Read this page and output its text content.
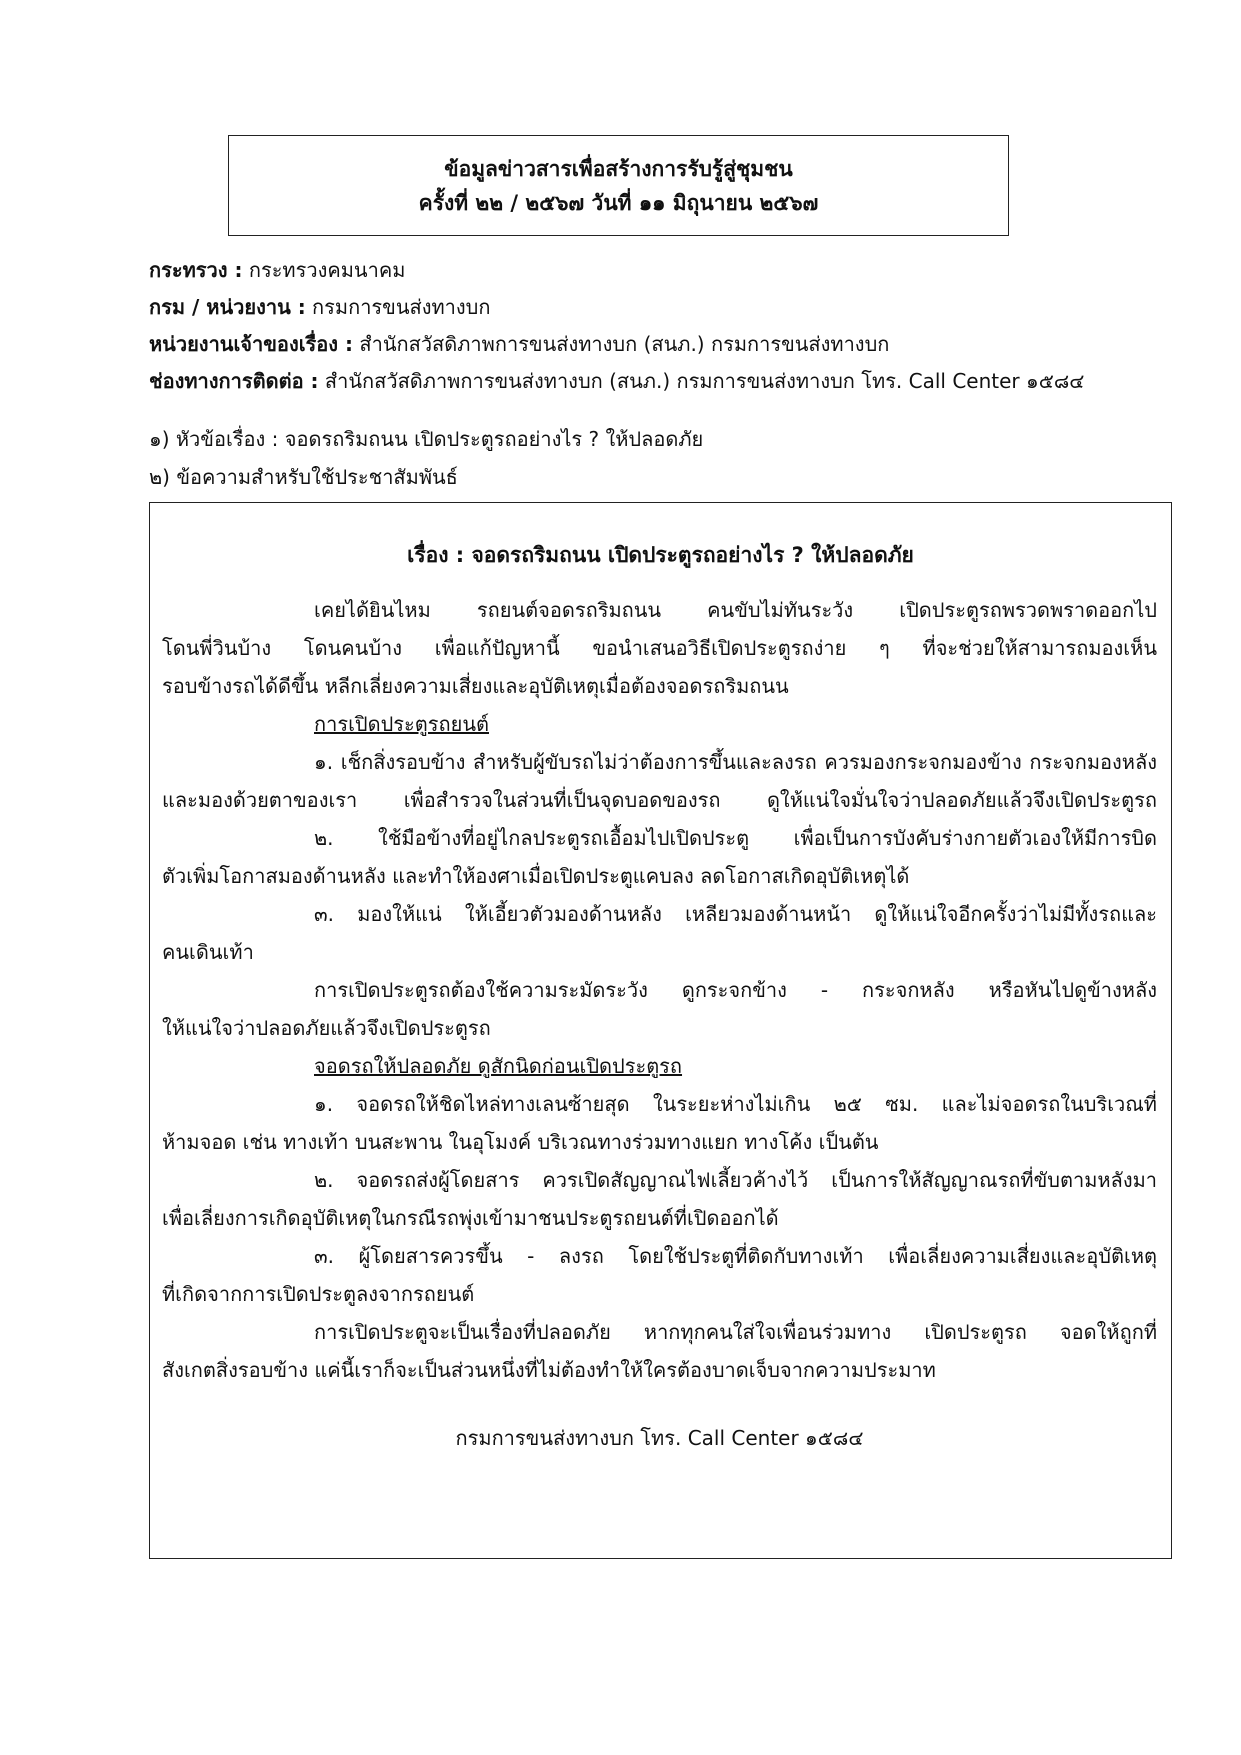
ข้อมูลข่าวสารเพื่อสร้างการรับรู้สู่ชุมชน
ครั้งที่ ๒๒ / ๒๕๖๗ วันที่ ๑๑ มิถุนายน ๒๕๖๗
กระทรวง : กระทรวงคมนาคม
กรม / หน่วยงาน : กรมการขนส่งทางบก
หน่วยงานเจ้าของเรื่อง : สำนักสวัสดิภาพการขนส่งทางบก (สนภ.) กรมการขนส่งทางบก
ช่องทางการติดต่อ : สำนักสวัสดิภาพการขนส่งทางบก (สนภ.) กรมการขนส่งทางบก โทร. Call Center ๑๕๘๔
๑) หัวข้อเรื่อง : จอดรถริมถนน เปิดประตูรถอย่างไร ? ให้ปลอดภัย
๒) ข้อความสำหรับใช้ประชาสัมพันธ์
เรื่อง : จอดรถริมถนน เปิดประตูรถอย่างไร ? ให้ปลอดภัย
เคยได้ยินไหม รถยนต์จอดรถริมถนน คนขับไม่ทันระวัง เปิดประตูรถพรวดพราดออกไป
โดนพี่วินบ้าง โดนคนบ้าง เพื่อแก้ปัญหานี้ ขอนำเสนอวิธีเปิดประตูรถง่าย ๆ ที่จะช่วยให้สามารถมองเห็น
รอบข้างรถได้ดีขึ้น หลีกเลี่ยงความเสี่ยงและอุบัติเหตุเมื่อต้องจอดรถริมถนน
การเปิดประตูรถยนต์
๑. เช็กสิ่งรอบข้าง สำหรับผู้ขับรถไม่ว่าต้องการขึ้นและลงรถ ควรมองกระจกมองข้าง กระจกมองหลัง
และมองด้วยตาของเรา เพื่อสำรวจในส่วนที่เป็นจุดบอดของรถ ดูให้แน่ใจมั่นใจว่าปลอดภัยแล้วจึงเปิดประตูรถ
๒. ใช้มือข้างที่อยู่ไกลประตูรถเอื้อมไปเปิดประตู เพื่อเป็นการบังคับร่างกายตัวเองให้มีการบิด
ตัวเพิ่มโอกาสมองด้านหลัง และทำให้องศาเมื่อเปิดประตูแคบลง ลดโอกาสเกิดอุบัติเหตุได้
๓. มองให้แน่ ให้เอี้ยวตัวมองด้านหลัง เหลียวมองด้านหน้า ดูให้แน่ใจอีกครั้งว่าไม่มีทั้งรถและ
คนเดินเท้า
การเปิดประตูรถต้องใช้ความระมัดระวัง ดูกระจกข้าง - กระจกหลัง หรือหันไปดูข้างหลัง
ให้แน่ใจว่าปลอดภัยแล้วจึงเปิดประตูรถ
จอดรถให้ปลอดภัย ดูสักนิดก่อนเปิดประตูรถ
๑. จอดรถให้ชิดไหล่ทางเลนซ้ายสุด ในระยะห่างไม่เกิน ๒๕ ซม. และไม่จอดรถในบริเวณที่
ห้ามจอด เช่น ทางเท้า บนสะพาน ในอุโมงค์ บริเวณทางร่วมทางแยก ทางโค้ง เป็นต้น
๒. จอดรถส่งผู้โดยสาร ควรเปิดสัญญาณไฟเลี้ยวค้างไว้ เป็นการให้สัญญาณรถที่ขับตามหลังมา
เพื่อเลี่ยงการเกิดอุบัติเหตุในกรณีรถพุ่งเข้ามาชนประตูรถยนต์ที่เปิดออกได้
๓. ผู้โดยสารควรขึ้น - ลงรถ โดยใช้ประตูที่ติดกับทางเท้า เพื่อเลี่ยงความเสี่ยงและอุบัติเหตุ
ที่เกิดจากการเปิดประตูลงจากรถยนต์
การเปิดประตูจะเป็นเรื่องที่ปลอดภัย หากทุกคนใส่ใจเพื่อนร่วมทาง เปิดประตูรถ จอดให้ถูกที่
สังเกตสิ่งรอบข้าง แค่นี้เราก็จะเป็นส่วนหนึ่งที่ไม่ต้องทำให้ใครต้องบาดเจ็บจากความประมาท
กรมการขนส่งทางบก โทร. Call Center ๑๕๘๔
